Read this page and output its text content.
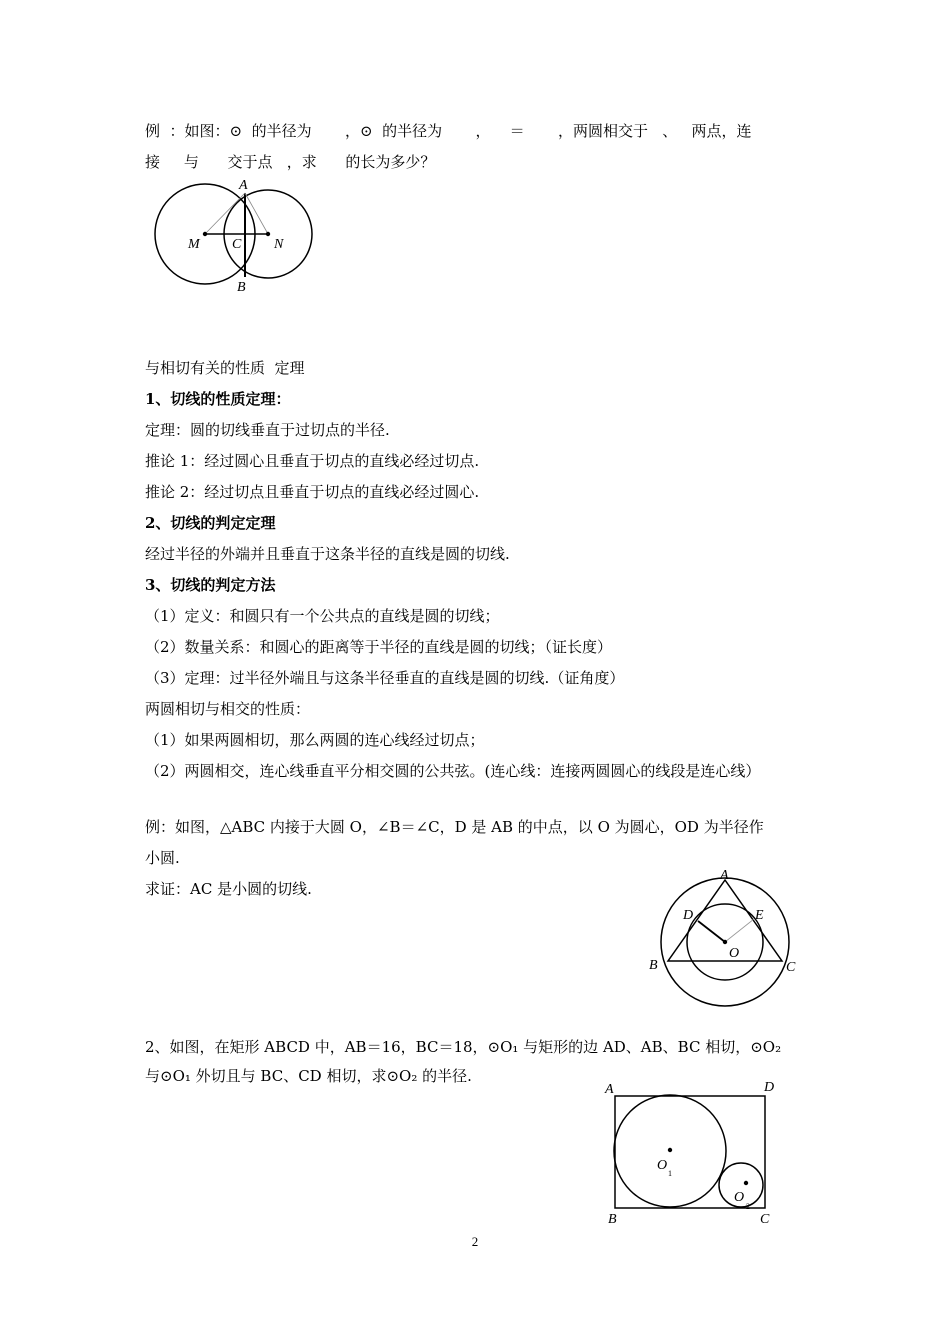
例  ：如图：⊙  的半径为       ，⊙  的半径为       ，    ＝       ，两圆相交于   、   两点，连
接     与      交于点   ，求      的长为多少？
A
M C N
B
与相切有关的性质  定理
1、切线的性质定理：
定理：圆的切线垂直于过切点的半径.
推论 1：经过圆心且垂直于切点的直线必经过切点.
推论 2：经过切点且垂直于切点的直线必经过圆心.
2、切线的判定定理
经过半径的外端并且垂直于这条半径的直线是圆的切线.
3、切线的判定方法
（1）定义：和圆只有一个公共点的直线是圆的切线；
（2）数量关系：和圆心的距离等于半径的直线是圆的切线；（证长度）
（3）定理：过半径外端且与这条半径垂直的直线是圆的切线.（证角度）
两圆相切与相交的性质：
（1）如果两圆相切，那么两圆的连心线经过切点；
（2）两圆相交，连心线垂直平分相交圆的公共弦。(连心线：连接两圆圆心的线段是连心线）
例：如图，△ABC 内接于大圆 O，∠B＝∠C，D 是 AB 的中点，以 O 为圆心，OD 为半径作
小圆.
求证：AC 是小圆的切线.
A
D	E
O
B	C
2、如图，在矩形 ABCD 中，AB＝16，BC＝18，⊙O₁ 与矩形的边 AD、AB、BC 相切，⊙O₂
与⊙O₁ 外切且与 BC、CD 相切，求⊙O₂ 的半径.
A	D
O
1
O
2
B	C
2
